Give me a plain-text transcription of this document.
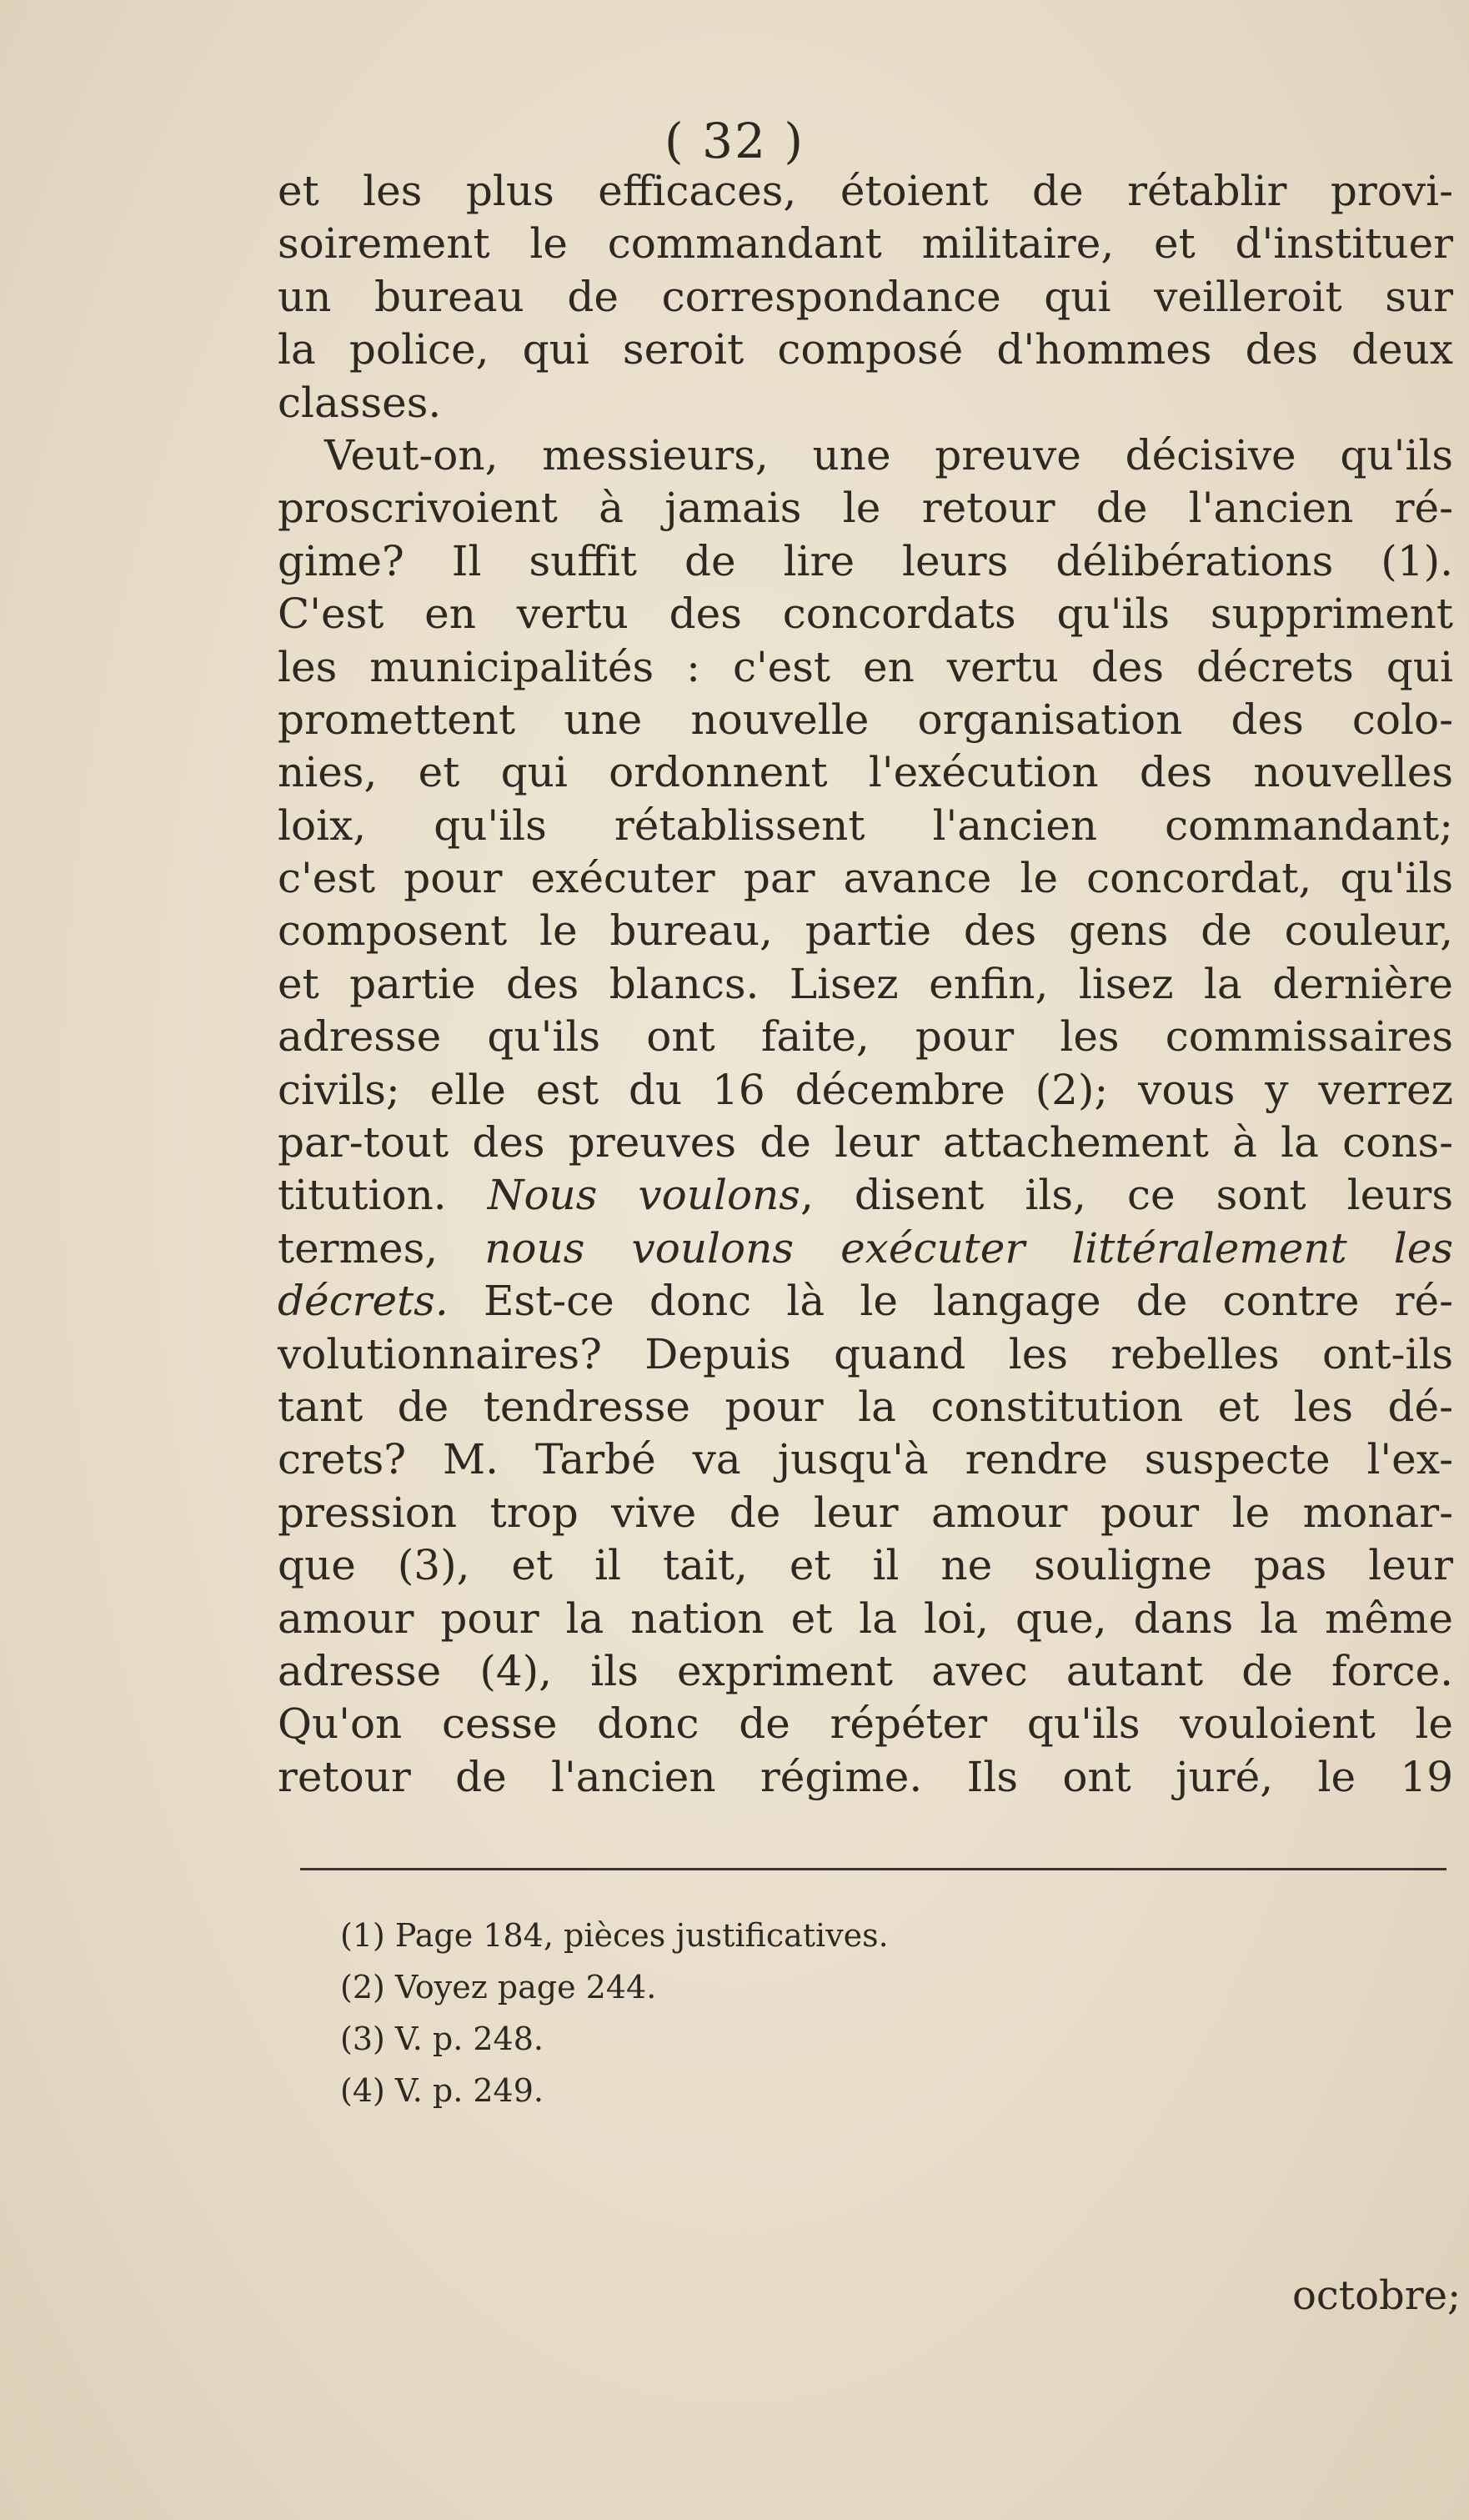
( 32 )
et les plus efficaces, étoient de rétablir provi-
soirement le commandant militaire, et d'instituer
un bureau de correspondance qui veilleroit sur
la police, qui seroit composé d'hommes des deux
classes.
Veut-on, messieurs, une preuve décisive qu'ils
proscrivoient à jamais le retour de l'ancien ré-
gime? Il suffit de lire leurs délibérations (1).
C'est en vertu des concordats qu'ils suppriment
les municipalités : c'est en vertu des décrets qui
promettent une nouvelle organisation des colo-
nies, et qui ordonnent l'exécution des nouvelles
loix, qu'ils rétablissent l'ancien commandant;
c'est pour exécuter par avance le concordat, qu'ils
composent le bureau, partie des gens de couleur,
et partie des blancs. Lisez enfin, lisez la dernière
adresse qu'ils ont faite, pour les commissaires
civils; elle est du 16 décembre (2); vous y verrez
par-tout des preuves de leur attachement à la cons-
titution. Nous voulons, disent ils, ce sont leurs
termes, nous voulons exécuter littéralement les
décrets. Est-ce donc là le langage de contre ré-
volutionnaires? Depuis quand les rebelles ont-ils
tant de tendresse pour la constitution et les dé-
crets? M. Tarbé va jusqu'à rendre suspecte l'ex-
pression trop vive de leur amour pour le monar-
que (3), et il tait, et il ne souligne pas leur
amour pour la nation et la loi, que, dans la même
adresse (4), ils expriment avec autant de force.
Qu'on cesse donc de répéter qu'ils vouloient le
retour de l'ancien régime. Ils ont juré, le 19
(1) Page 184, pièces justificatives.
(2) Voyez page 244.
(3) V. p. 248.
(4) V. p. 249.
octobre;
